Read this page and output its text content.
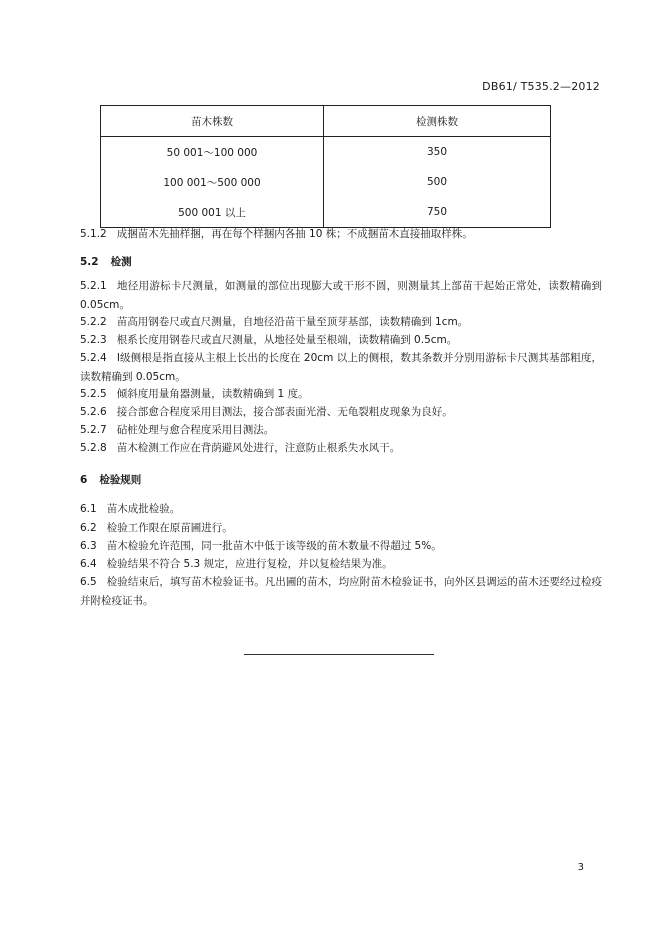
DB61/ T535.2—2012
苗木株数	检测株数
50 001～100 000	350
100 001～500 000	500
500 001 以上	750

5.1.2 成捆苗木先抽样捆，再在每个样捆内各抽 10 株；不成捆苗木直接抽取样株。

5.2 检测

5.2.1 地径用游标卡尺测量，如测量的部位出现膨大或干形不圆，则测量其上部苗干起始正常处，读数精确到 0.05cm。

5.2.2 苗高用钢卷尺或直尺测量，自地径沿苗干量至顶芽基部，读数精确到 1cm。

5.2.3 根系长度用钢卷尺或直尺测量，从地径处量至根端，读数精确到 0.5cm。

5.2.4 Ⅰ级侧根是指直接从主根上长出的长度在 20cm 以上的侧根，数其条数并分别用游标卡尺测其基部粗度，读数精确到 0.05cm。

5.2.5 倾斜度用量角器测量，读数精确到 1 度。

5.2.6 接合部愈合程度采用目测法，接合部表面光滑、无龟裂粗皮现象为良好。

5.2.7 砧桩处理与愈合程度采用目测法。

5.2.8 苗木检测工作应在背荫避风处进行，注意防止根系失水风干。

6 检验规则

6.1 苗木成批检验。

6.2 检验工作限在原苗圃进行。

6.3 苗木检验允许范围，同一批苗木中低于该等级的苗木数量不得超过 5%。

6.4 检验结果不符合 5.3 规定，应进行复检，并以复检结果为准。

6.5 检验结束后，填写苗木检验证书。凡出圃的苗木，均应附苗木检验证书，向外区县调运的苗木还要经过检疫并附检疫证书。

3
